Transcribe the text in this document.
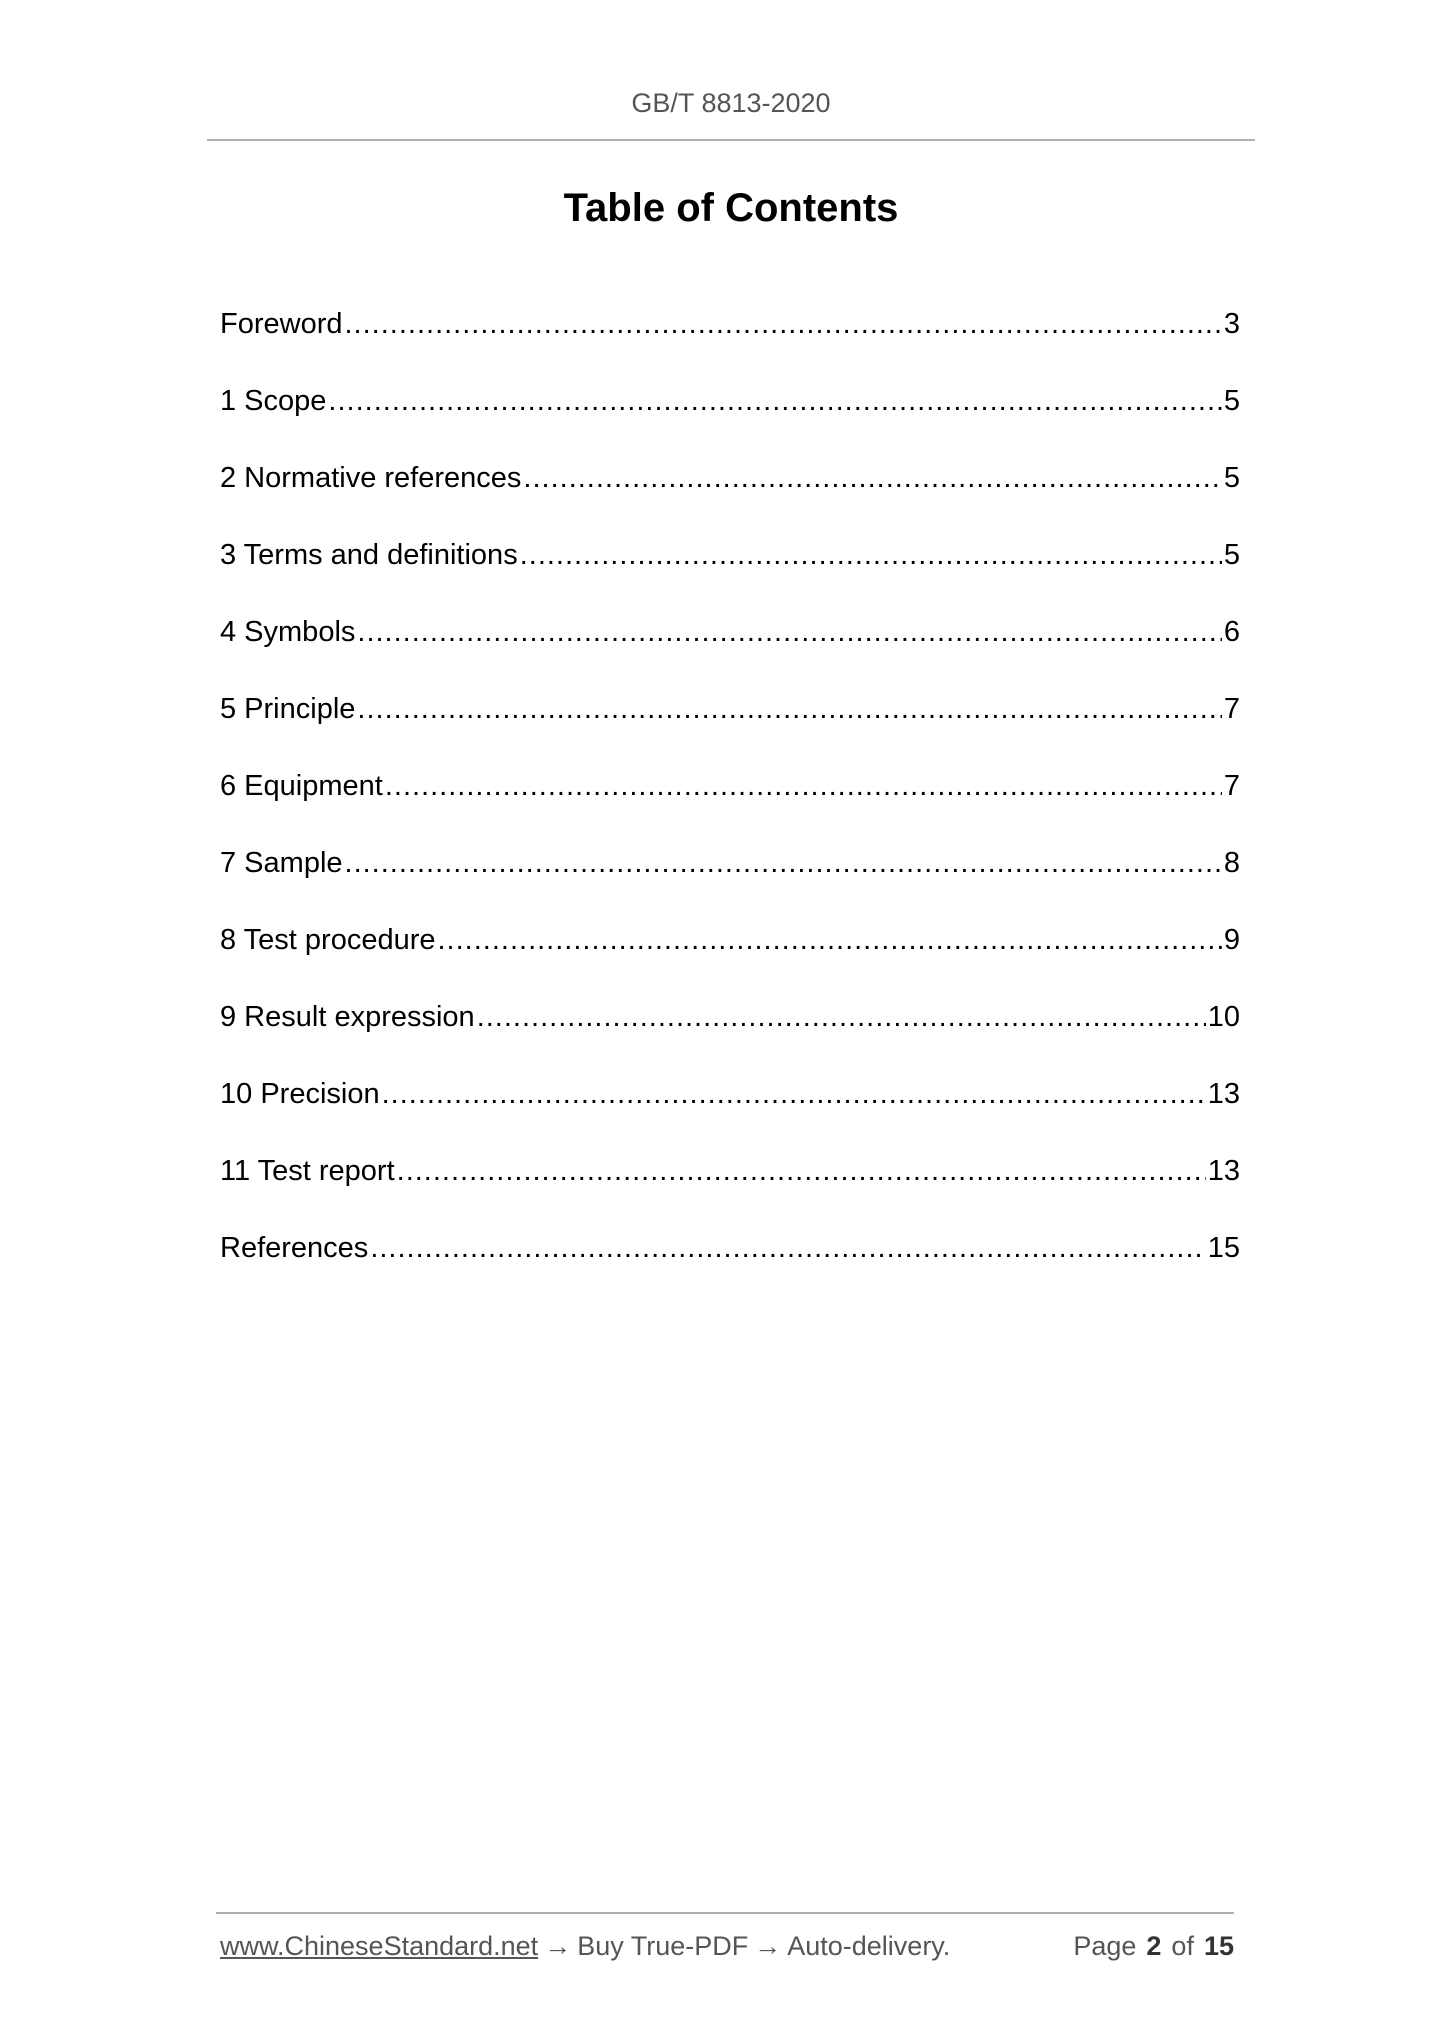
GB/T 8813-2020
Table of Contents
Foreword .....	3
1 Scope .....	5
2 Normative references .....	5
3 Terms and definitions .....	5
4 Symbols .....	6
5 Principle .....	7
6 Equipment .....	7
7 Sample .....	8
8 Test procedure .....	9
9 Result expression .....	10
10 Precision .....	13
11 Test report .....	13
References .....	15
www.ChineseStandard.net → Buy True-PDF → Auto-delivery.	Page 2 of 15
